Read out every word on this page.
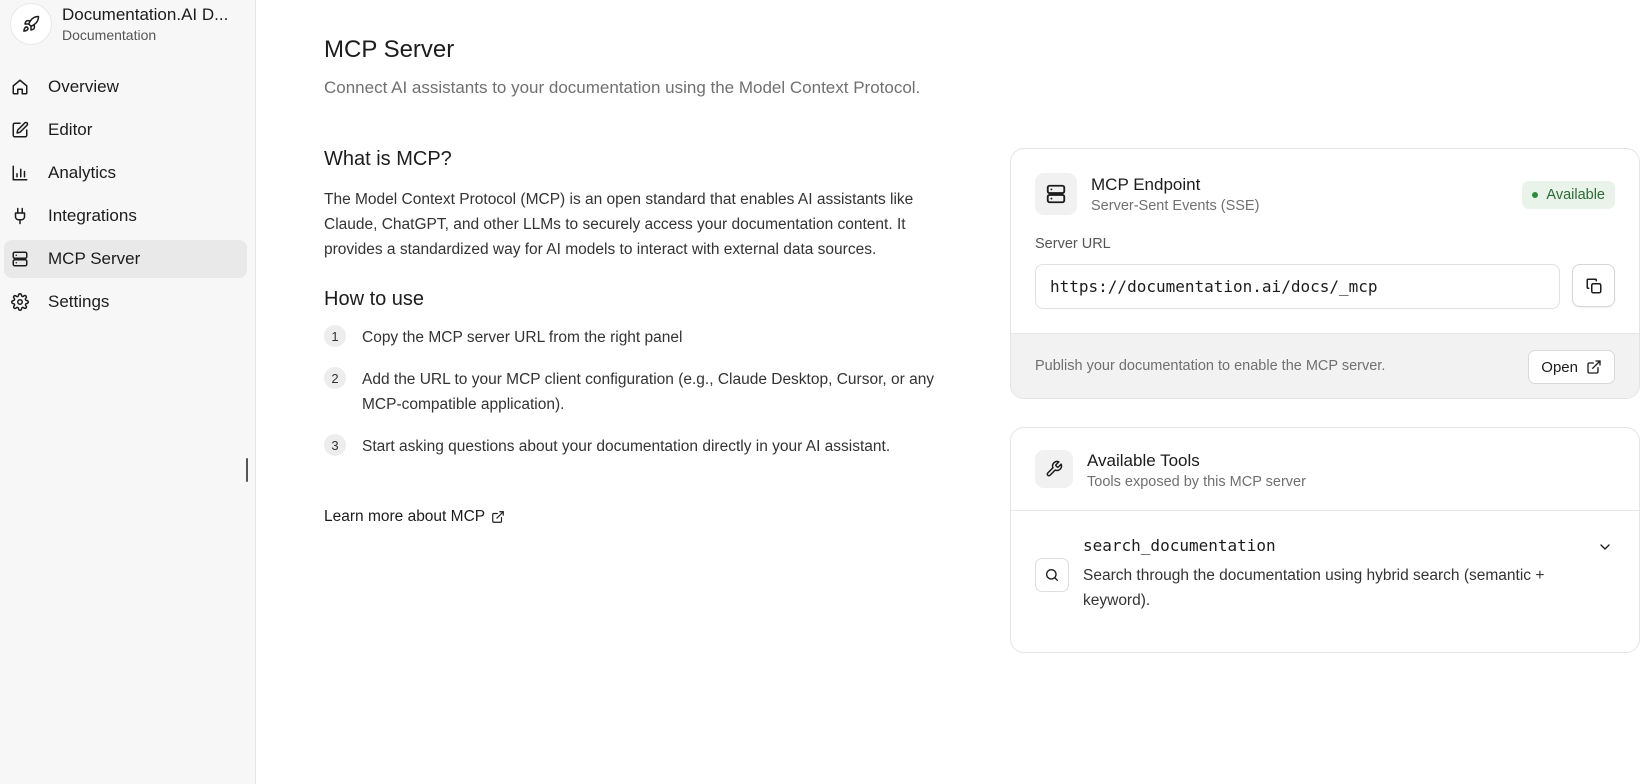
Documentation.AI D...
Documentation
Overview
Editor
Analytics
Integrations
MCP Server
Settings
MCP Server

Connect AI assistants to your documentation using the Model Context Protocol.

What is MCP?

The Model Context Protocol (MCP) is an open standard that enables AI assistants like Claude, ChatGPT, and other LLMs to securely access your documentation content. It provides a standardized way for AI models to interact with external data sources.

How to use
1	Copy the MCP server URL from the right panel
2	Add the URL to your MCP client configuration (e.g., Claude Desktop, Cursor, or any MCP-compatible application).
3	Start asking questions about your documentation directly in your AI assistant.
Learn more about MCP
MCP Endpoint
Server-Sent Events (SSE)
Available
Server URL
https://documentation.ai/docs/_mcp
Publish your documentation to enable the MCP server.	Open
Available Tools
Tools exposed by this MCP server
search_documentation
Search through the documentation using hybrid search (semantic + keyword).
